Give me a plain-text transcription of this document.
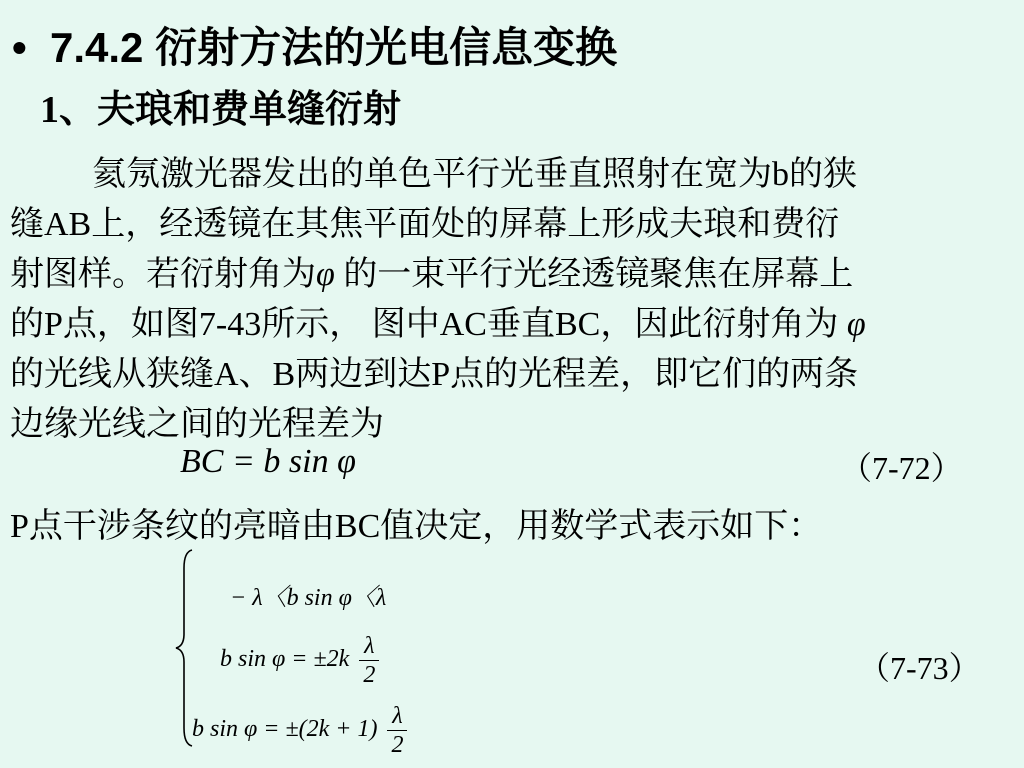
• 7.4.2 衍射方法的光电信息变换
1、夫琅和费单缝衍射
氦氖激光器发出的单色平行光垂直照射在宽为b的狭
缝AB上，经透镜在其焦平面处的屏幕上形成夫琅和费衍
射图样。若衍射角为φ 的一束平行光经透镜聚焦在屏幕上
的P点，如图7-43所示， 图中AC垂直BC，因此衍射角为 φ
的光线从狭缝A、B两边到达P点的光程差，即它们的两条
边缘光线之间的光程差为
BC = b sin φ	（7-72）
P点干涉条纹的亮暗由BC值决定，用数学式表示如下：
− λ〈b sin φ〈λ
b $\sin \varphi = \pm 2k \frac{\lambda}{2}$
b $\sin \varphi = \pm(2k + 1) \frac{\lambda}{2}$
（7-73）
